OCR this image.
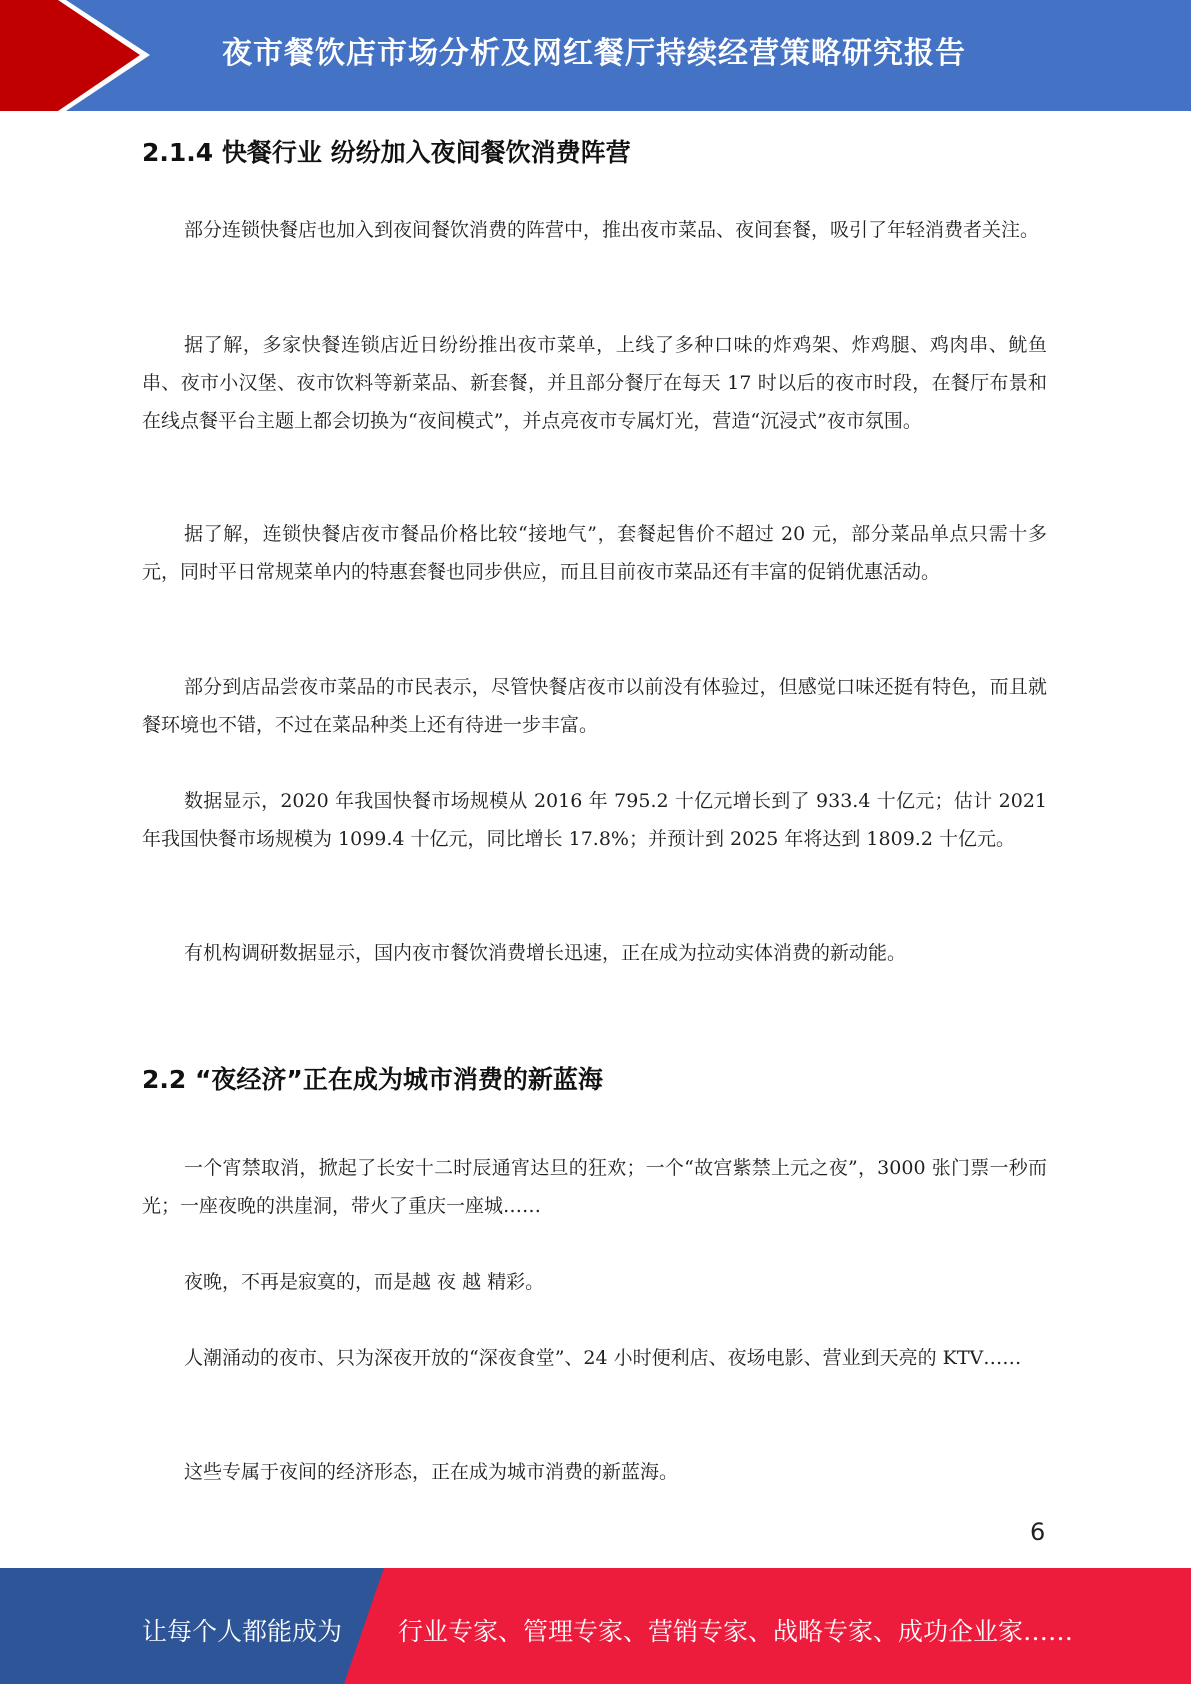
夜市餐饮店市场分析及网红餐厅持续经营策略研究报告
2.1.4 快餐行业 纷纷加入夜间餐饮消费阵营

部分连锁快餐店也加入到夜间餐饮消费的阵营中，推出夜市菜品、夜间套餐，吸引了年轻消费者关注。

据了解，多家快餐连锁店近日纷纷推出夜市菜单，上线了多种口味的炸鸡架、炸鸡腿、鸡肉串、鱿鱼串、夜市小汉堡、夜市饮料等新菜品、新套餐，并且部分餐厅在每天 17 时以后的夜市时段，在餐厅布景和在线点餐平台主题上都会切换为“夜间模式”，并点亮夜市专属灯光，营造“沉浸式”夜市氛围。

据了解，连锁快餐店夜市餐品价格比较“接地气”，套餐起售价不超过 20 元，部分菜品单点只需十多元，同时平日常规菜单内的特惠套餐也同步供应，而且目前夜市菜品还有丰富的促销优惠活动。

部分到店品尝夜市菜品的市民表示，尽管快餐店夜市以前没有体验过，但感觉口味还挺有特色，而且就餐环境也不错，不过在菜品种类上还有待进一步丰富。

数据显示，2020 年我国快餐市场规模从 2016 年 795.2 十亿元增长到了 933.4 十亿元；估计 2021 年我国快餐市场规模为 1099.4 十亿元，同比增长 17.8%；并预计到 2025 年将达到 1809.2 十亿元。

有机构调研数据显示，国内夜市餐饮消费增长迅速，正在成为拉动实体消费的新动能。

2.2 “夜经济”正在成为城市消费的新蓝海

一个宵禁取消，掀起了长安十二时辰通宵达旦的狂欢；一个“故宫紫禁上元之夜”，3000 张门票一秒而光；一座夜晚的洪崖洞，带火了重庆一座城……

夜晚，不再是寂寞的，而是越 夜 越 精彩。

人潮涌动的夜市、只为深夜开放的“深夜食堂”、24 小时便利店、夜场电影、营业到天亮的 KTV……

这些专属于夜间的经济形态，正在成为城市消费的新蓝海。

6
让每个人都能成为 行业专家、管理专家、营销专家、战略专家、成功企业家……
